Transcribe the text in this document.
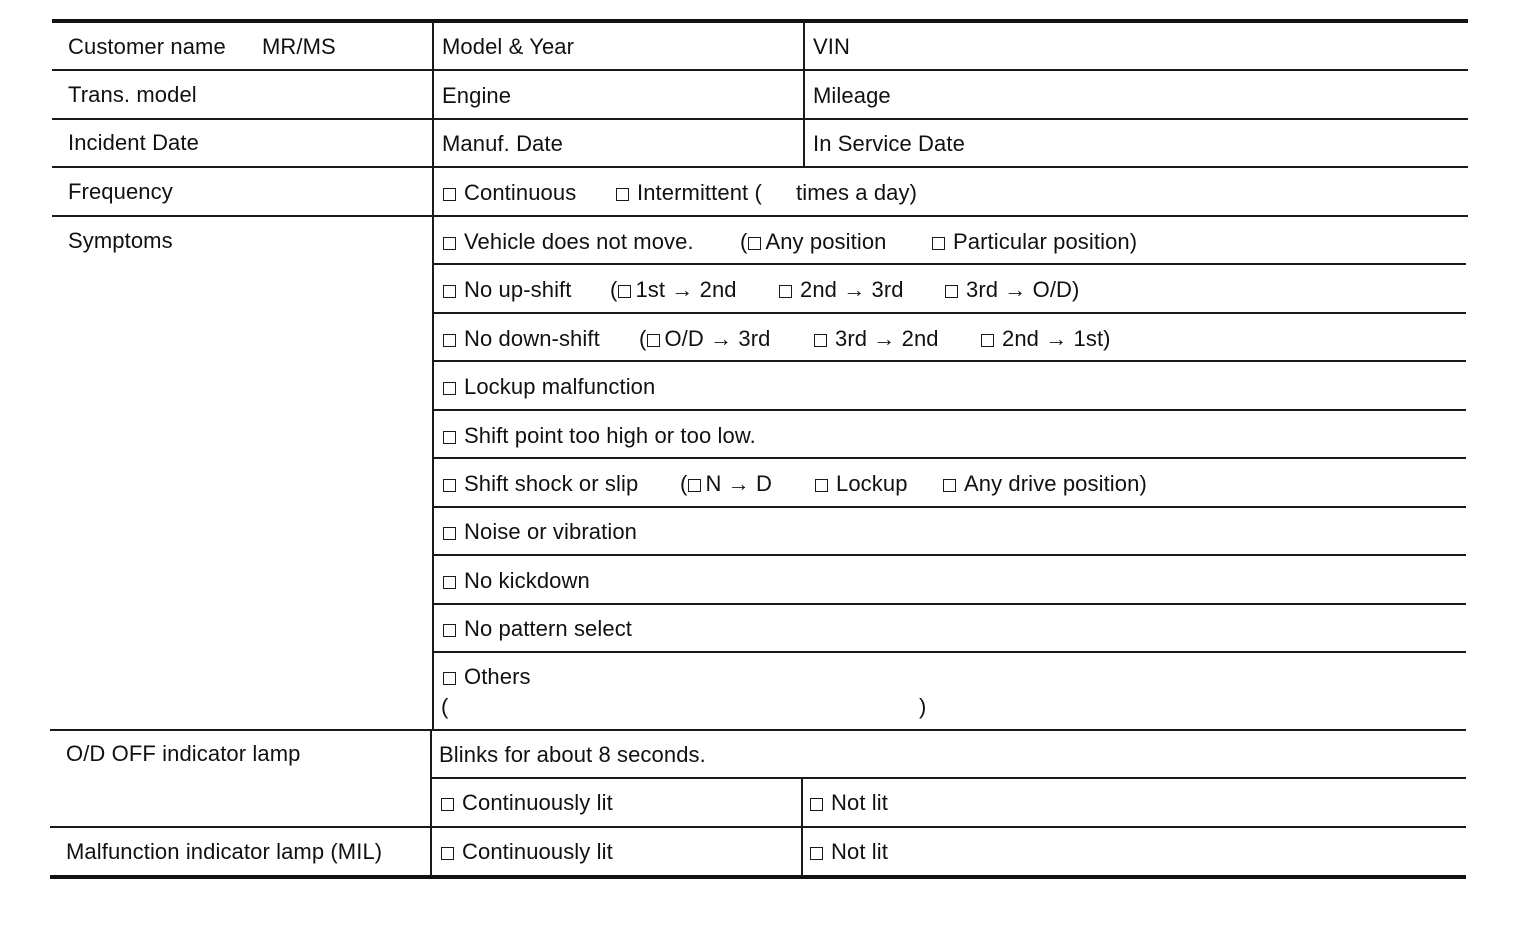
Customer name MR/MS	Model & Year	VIN
Trans. model	Engine	Mileage
Incident Date	Manuf. Date	In Service Date
Frequency	Continuous	Intermittent ( times a day)
Symptoms	Vehicle does not move. ( Any position	Particular position)
No up-shift ( 1st → 2nd	2nd → 3rd	3rd → O/D)
No down-shift ( O/D → 3rd	3rd → 2nd	2nd → 1st)
Lockup malfunction
Shift point too high or too low.
Shift shock or slip ( N → D	Lockup	Any drive position)
Noise or vibration
No kickdown
No pattern select
Others
(	)
O/D OFF indicator lamp	Blinks for about 8 seconds.
Continuously lit	Not lit
Malfunction indicator lamp (MIL)	Continuously lit	Not lit
